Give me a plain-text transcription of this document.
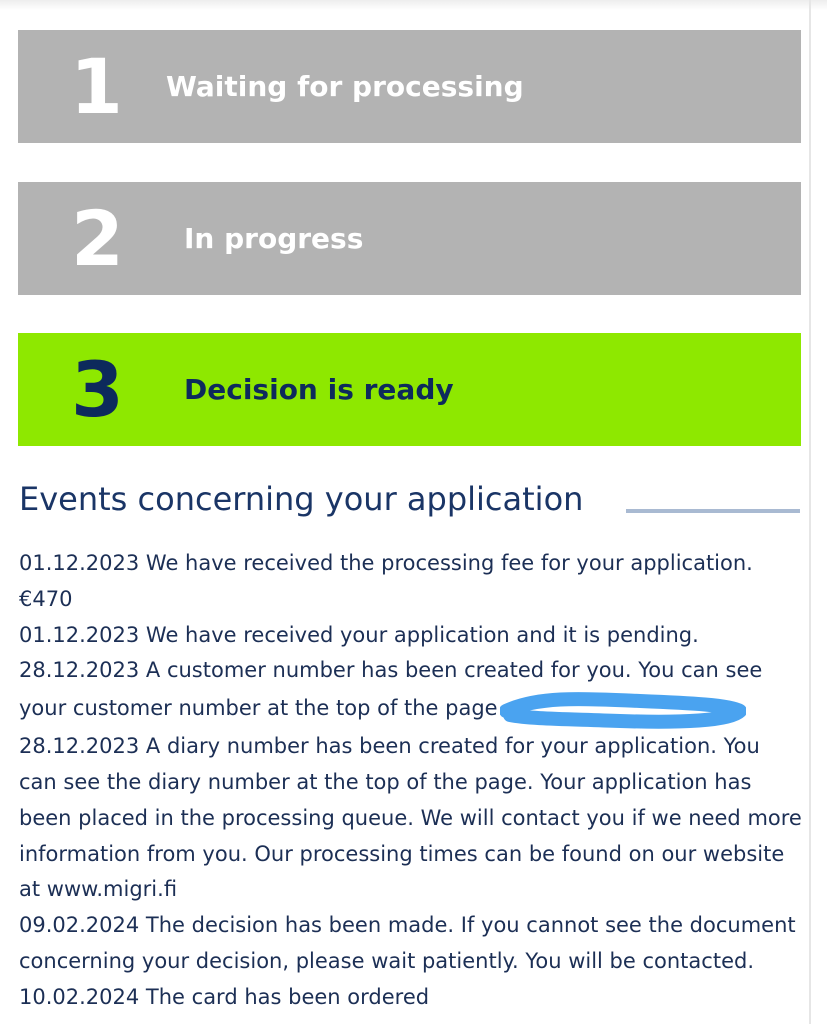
1 Waiting for processing
2 In progress
3 Decision is ready
Events concerning your application

01.12.2023 We have received the processing fee for your application. €470

01.12.2023 We have received your application and it is pending.

28.12.2023 A customer number has been created for you. You can see your customer number at the top of the page

28.12.2023 A diary number has been created for your application. You can see the diary number at the top of the page. Your application has been placed in the processing queue. We will contact you if we need more information from you. Our processing times can be found on our website at www.migri.fi

09.02.2024 The decision has been made. If you cannot see the document concerning your decision, please wait patiently. You will be contacted.

10.02.2024 The card has been ordered
